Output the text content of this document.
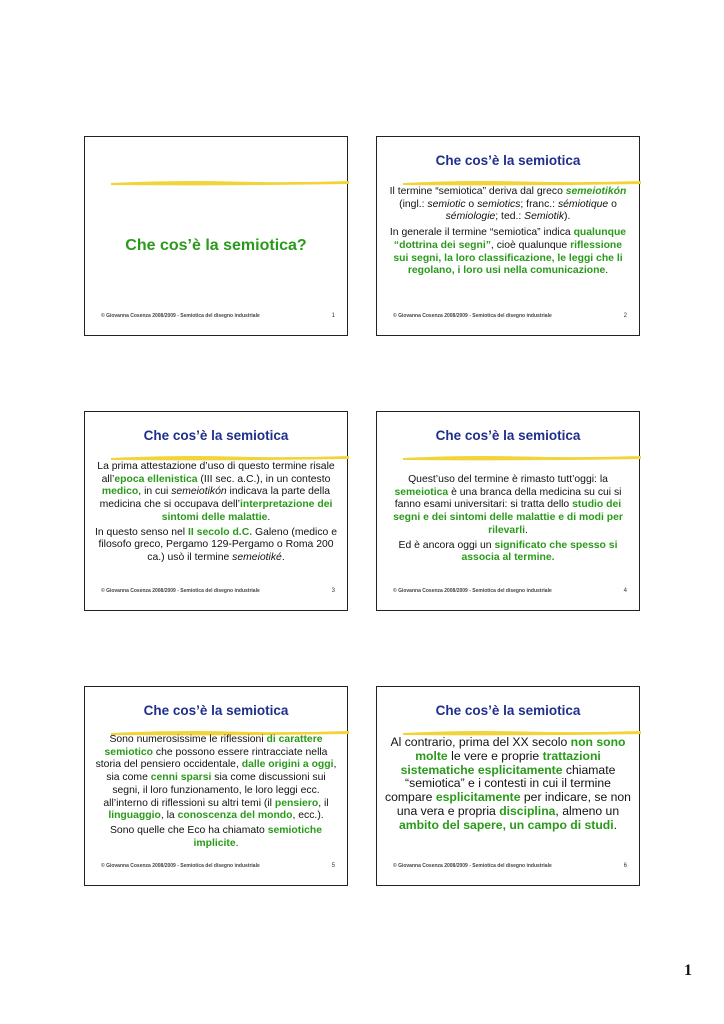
Che cos’è la semiotica?
© Giovanna Cosenza 2008/2009 - Semiotica del disegno industriale	1
Che cos’è la semiotica

Il termine “semiotica” deriva dal greco semeiotikón (ingl.: semiotic o semiotics; franc.: sémiotique o sémiologie; ted.: Semiotik).

In generale il termine “semiotica” indica qualunque “dottrina dei segni”, cioè qualunque riflessione sui segni, la loro classificazione, le leggi che li regolano, i loro usi nella comunicazione.

© Giovanna Cosenza 2008/2009 - Semiotica del disegno industriale	2
Che cos’è la semiotica

La prima attestazione d’uso di questo termine risale all’epoca ellenistica (III sec. a.C.), in un contesto medico, in cui semeiotikón indicava la parte della medicina che si occupava dell’interpretazione dei sintomi delle malattie.

In questo senso nel II secolo d.C. Galeno (medico e filosofo greco, Pergamo 129-Pergamo o Roma 200 ca.) usò il termine semeiotiké.

© Giovanna Cosenza 2008/2009 - Semiotica del disegno industriale	3
Che cos’è la semiotica

Quest’uso del termine è rimasto tutt’oggi: la semeiotica è una branca della medicina su cui si fanno esami universitari: si tratta dello studio dei segni e dei sintomi delle malattie e di modi per rilevarli.

Ed è ancora oggi un significato che spesso si associa al termine.

© Giovanna Cosenza 2008/2009 - Semiotica del disegno industriale	4
Che cos’è la semiotica

Sono numerosissime le riflessioni di carattere semiotico che possono essere rintracciate nella storia del pensiero occidentale, dalle origini a oggi, sia come cenni sparsi sia come discussioni sui segni, il loro funzionamento, le loro leggi ecc. all’interno di riflessioni su altri temi (il pensiero, il linguaggio, la conoscenza del mondo, ecc.).

Sono quelle che Eco ha chiamato semiotiche implicite.

© Giovanna Cosenza 2008/2009 - Semiotica del disegno industriale	5
Che cos’è la semiotica

Al contrario, prima del XX secolo non sono molte le vere e proprie trattazioni sistematiche esplicitamente chiamate “semiotica” e i contesti in cui il termine compare esplicitamente per indicare, se non una vera e propria disciplina, almeno un ambito del sapere, un campo di studi.

© Giovanna Cosenza 2008/2009 - Semiotica del disegno industriale	6
1
